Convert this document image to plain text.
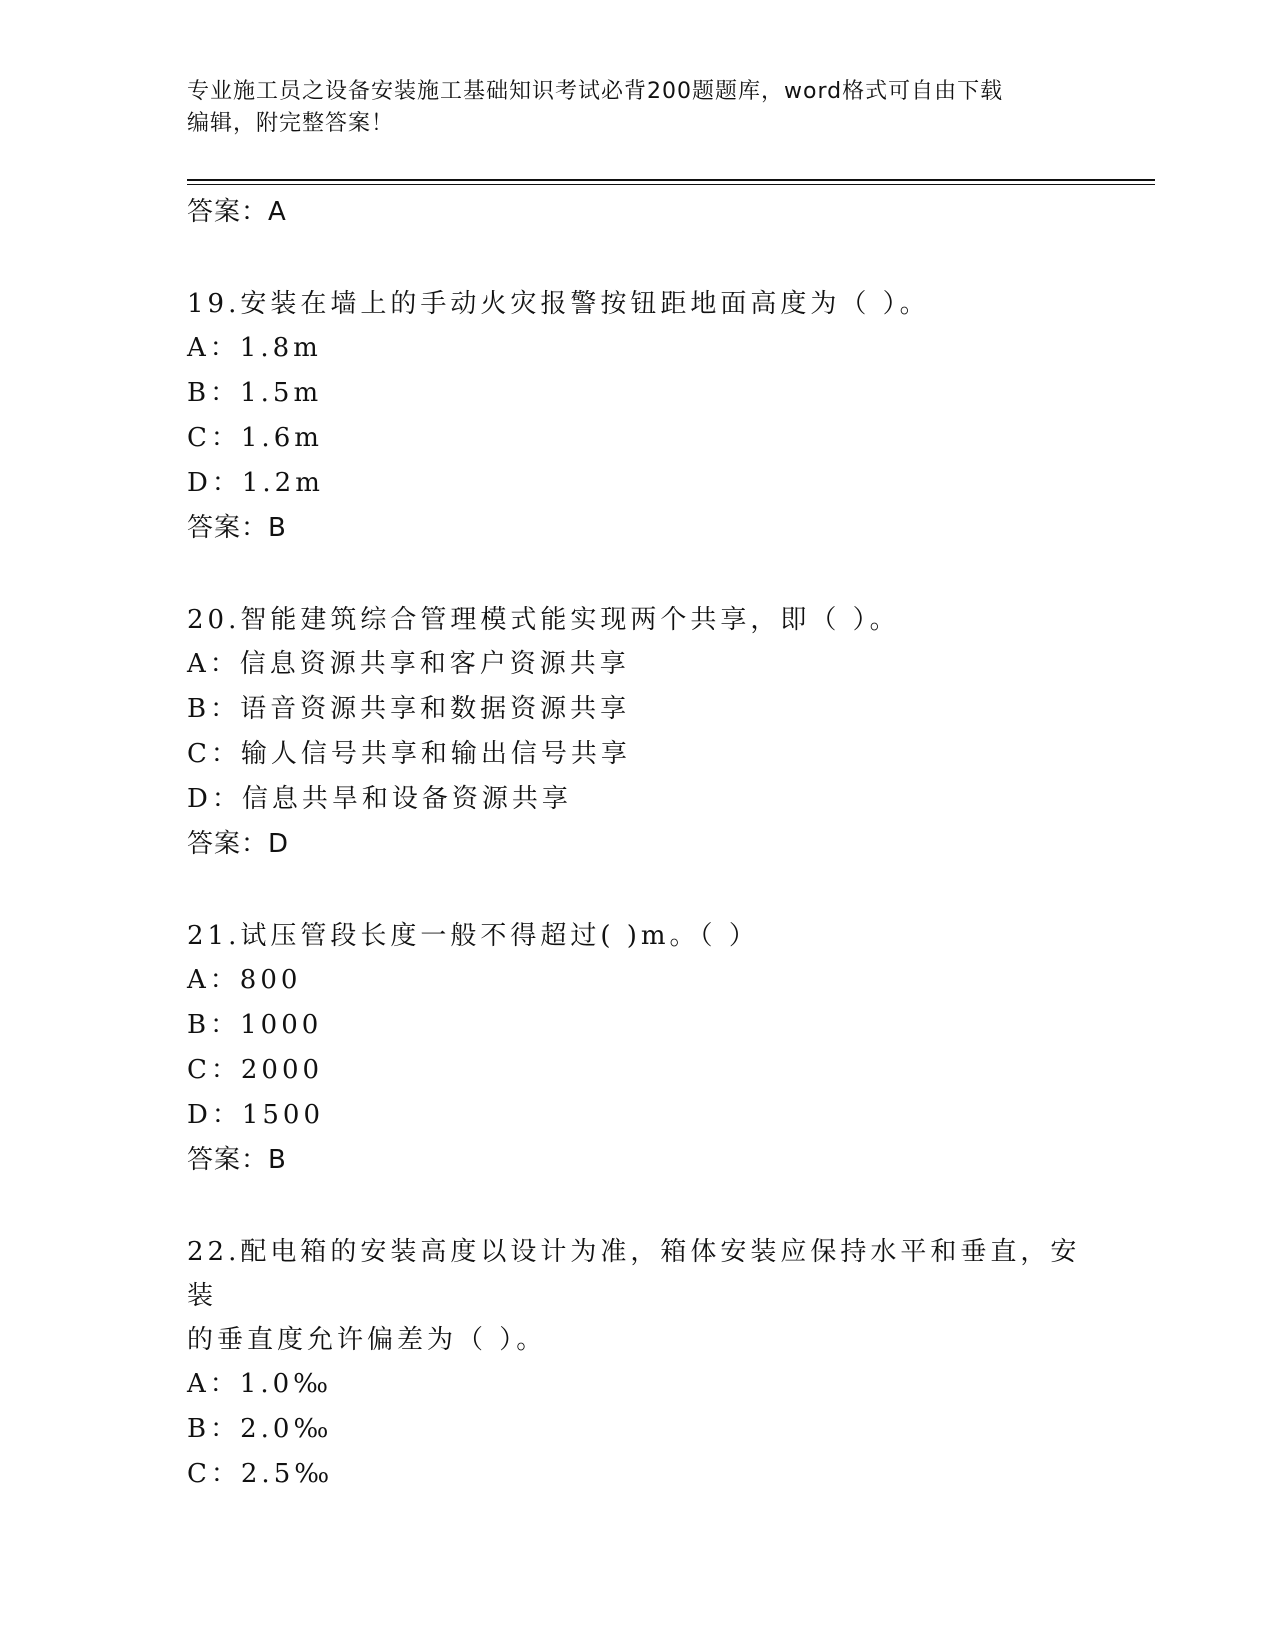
专业施工员之设备安装施工基础知识考试必背200题题库，word格式可自由下载
编辑，附完整答案！
答案：A
19.安装在墙上的手动火灾报警按钮距地面高度为（ ）。
A：1.8m
B：1.5m
C：1.6m
D：1.2m
答案：B
20.智能建筑综合管理模式能实现两个共享，即（ ）。
A：信息资源共享和客户资源共享
B：语音资源共享和数据资源共享
C：输人信号共享和输出信号共享
D：信息共旱和设备资源共享
答案：D
21.试压管段长度一般不得超过( )m。（ ）
A：800
B：1000
C：2000
D：1500
答案：B
22.配电箱的安装高度以设计为准，箱体安装应保持水平和垂直，安装
的垂直度允许偏差为（ ）。
A：1.0‰
B：2.0‰
C：2.5‰
